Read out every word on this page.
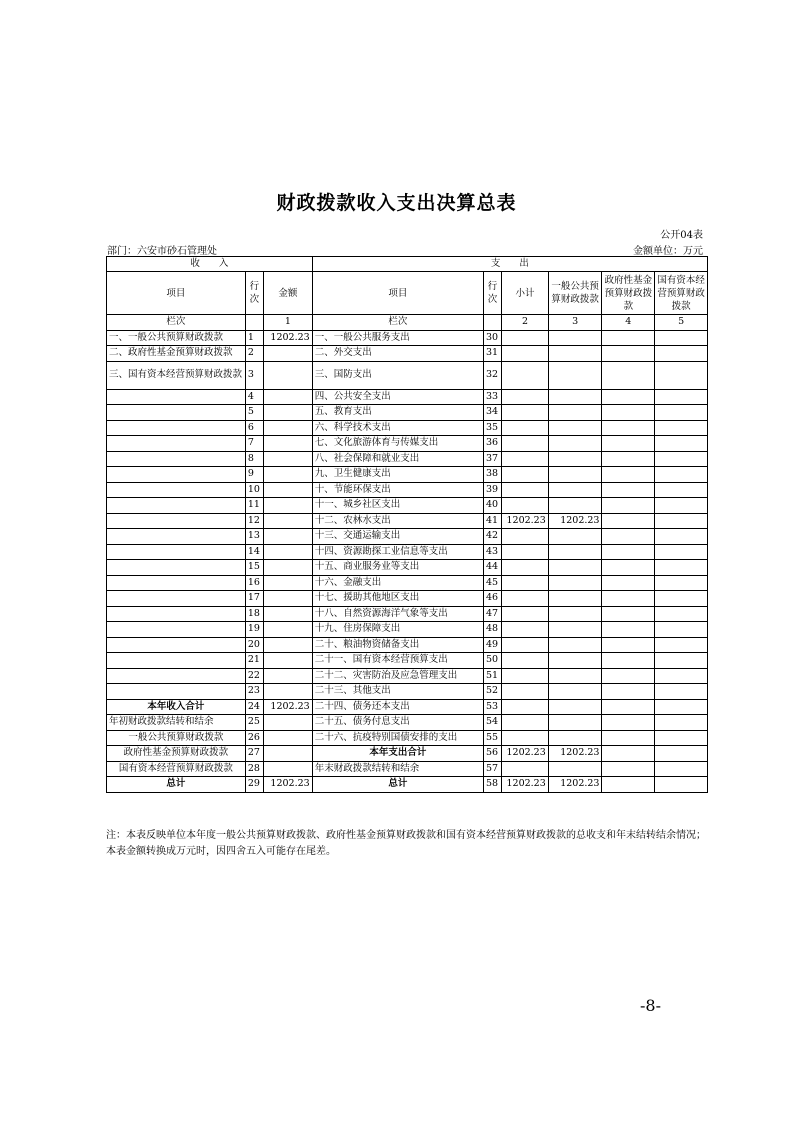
财政拨款收入支出决算总表
公开04表
部门：六安市砂石管理处	金额单位：万元
收　　入			支　　出					
项目	行次	金额	项目	行次	小计	一般公共预算财政拨款	政府性基金预算财政拨款	国有资本经营预算财政拨款
栏次		1	栏次		2	3	4	5
一、一般公共预算财政拨款	1	1202.23	一、一般公共服务支出	30				
二、政府性基金预算财政拨款	2		二、外交支出	31				
三、国有资本经营预算财政拨款	3		三、国防支出	32				
	4		四、公共安全支出	33				
	5		五、教育支出	34				
	6		六、科学技术支出	35				
	7		七、文化旅游体育与传媒支出	36				
	8		八、社会保障和就业支出	37				
	9		九、卫生健康支出	38				
	10		十、节能环保支出	39				
	11		十一、城乡社区支出	40				
	12		十二、农林水支出	41	1202.23	1202.23		
	13		十三、交通运输支出	42				
	14		十四、资源勘探工业信息等支出	43				
	15		十五、商业服务业等支出	44				
	16		十六、金融支出	45				
	17		十七、援助其他地区支出	46				
	18		十八、自然资源海洋气象等支出	47				
	19		十九、住房保障支出	48				
	20		二十、粮油物资储备支出	49				
	21		二十一、国有资本经营预算支出	50				
	22		二十二、灾害防治及应急管理支出	51				
	23		二十三、其他支出	52				
本年收入合计	24	1202.23	二十四、债务还本支出	53				
年初财政拨款结转和结余	25		二十五、债务付息支出	54				
一般公共预算财政拨款	26		二十六、抗疫特别国债安排的支出	55				
政府性基金预算财政拨款	27		本年支出合计	56	1202.23	1202.23		
国有资本经营预算财政拨款	28		年末财政拨款结转和结余	57				
总计	29	1202.23	总计	58	1202.23	1202.23		
注：本表反映单位本年度一般公共预算财政拨款、政府性基金预算财政拨款和国有资本经营预算财政拨款的总收支和年末结转结余情况；本表金额转换成万元时，因四舍五入可能存在尾差。
-8-
